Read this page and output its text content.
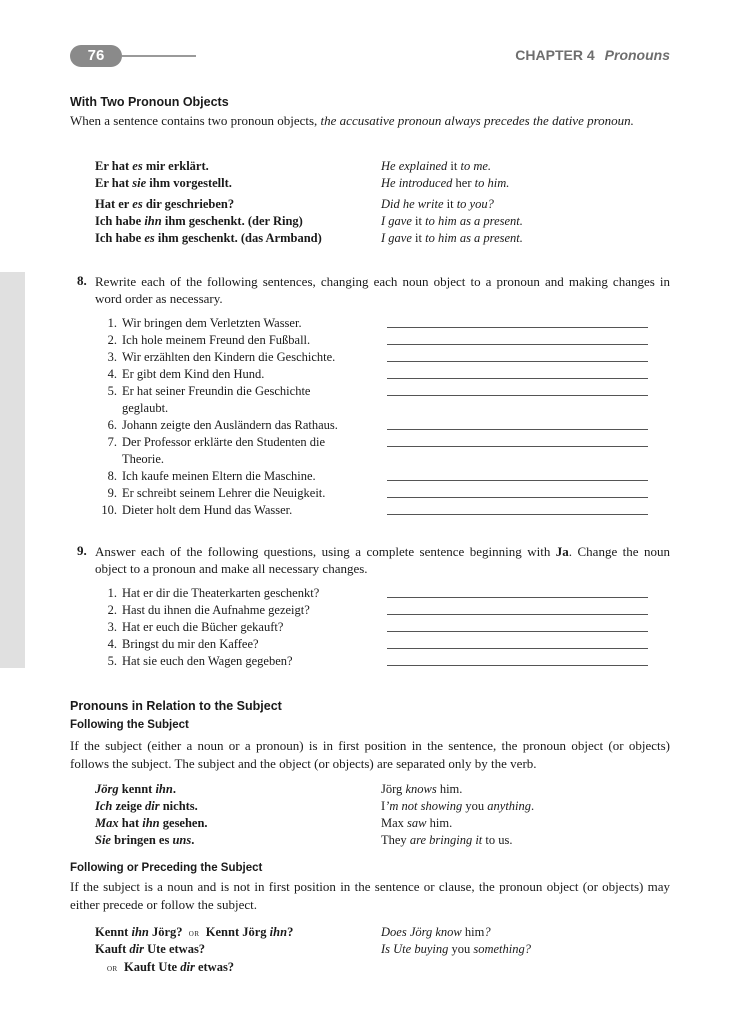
76	CHAPTER 4 Pronouns
With Two Pronoun Objects
When a sentence contains two pronoun objects, the accusative pronoun always precedes the dative pronoun.
Er hat es mir erklärt.	He explained it to me.
Er hat sie ihm vorgestellt.	He introduced her to him.
Hat er es dir geschrieben?	Did he write it to you?
Ich habe ihn ihm geschenkt. (der Ring)	I gave it to him as a present.
Ich habe es ihm geschenkt. (das Armband)	I gave it to him as a present.
8. Rewrite each of the following sentences, changing each noun object to a pronoun and making changes in word order as necessary.
1. Wir bringen dem Verletzten Wasser.
2. Ich hole meinem Freund den Fußball.
3. Wir erzählten den Kindern die Geschichte.
4. Er gibt dem Kind den Hund.
5. Er hat seiner Freundin die Geschichte
geglaubt.
6. Johann zeigte den Ausländern das Rathaus.
7. Der Professor erklärte den Studenten die
Theorie.
8. Ich kaufe meinen Eltern die Maschine.
9. Er schreibt seinem Lehrer die Neuigkeit.
10. Dieter holt dem Hund das Wasser.
9. Answer each of the following questions, using a complete sentence beginning with Ja. Change the noun object to a pronoun and make all necessary changes.
1. Hat er dir die Theaterkarten geschenkt?
2. Hast du ihnen die Aufnahme gezeigt?
3. Hat er euch die Bücher gekauft?
4. Bringst du mir den Kaffee?
5. Hat sie euch den Wagen gegeben?
Pronouns in Relation to the Subject
Following the Subject
If the subject (either a noun or a pronoun) is in first position in the sentence, the pronoun object (or objects) follows the subject. The subject and the object (or objects) are separated only by the verb.
Jörg kennt ihn.	Jörg knows him.
Ich zeige dir nichts.	I’m not showing you anything.
Max hat ihn gesehen.	Max saw him.
Sie bringen es uns.	They are bringing it to us.
Following or Preceding the Subject
If the subject is a noun and is not in first position in the sentence or clause, the pronoun object (or objects) may either precede or follow the subject.
Kennt ihn Jörg? or Kennt Jörg ihn?	Does Jörg know him?
Kauft dir Ute etwas?	Is Ute buying you something?
or Kauft Ute dir etwas?
